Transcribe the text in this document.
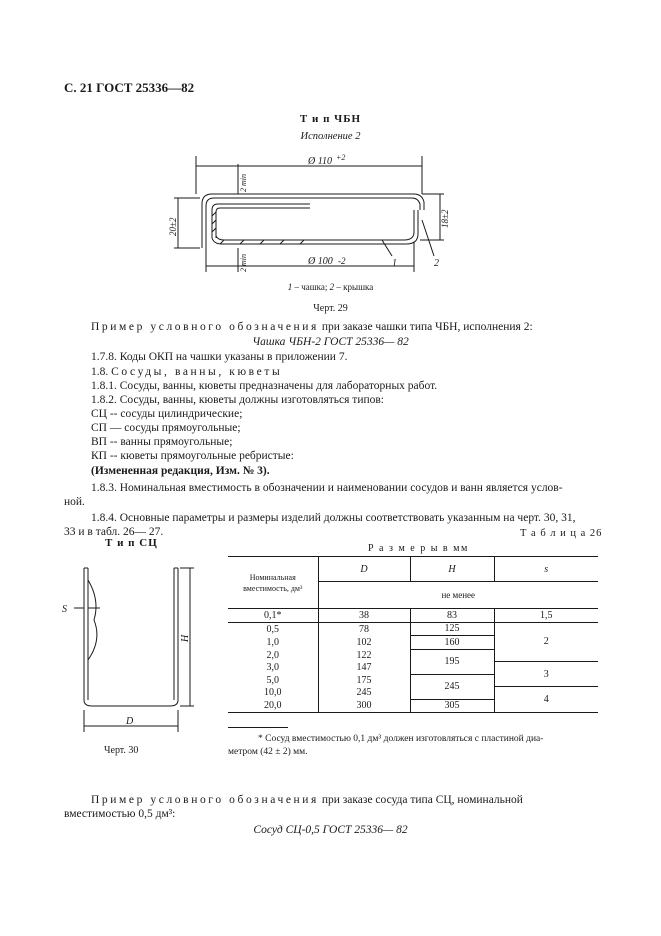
С. 21 ГОСТ 25336—82
Т и п ЧБН
Исполнение 2
Ø 110 +2
Ø 100 -2
20±2	18±2
2 min
2 min	1	2
1 – чашка; 2 – крышка
Черт. 29
Пример условного обозначения при заказе чашки типа ЧБН, исполнения 2:
Чашка ЧБН-2 ГОСТ 25336— 82
1.7.8. Коды ОКП на чашки указаны в приложении 7.
1.8. Сосуды, ванны, кюветы
1.8.1. Сосуды, ванны, кюветы предназначены для лабораторных работ.
1.8.2. Сосуды, ванны, кюветы должны изготовляться типов:
СЦ -- сосуды цилиндрические;
СП — сосуды прямоугольные;
ВП -- ванны прямоугольные;
КП -- кюветы прямоугольные ребристые:
(Измененная редакция, Изм. № 3).
1.8.3. Номинальная вместимость в обозначении и наименовании сосудов и ванн является услов-
ной.
1.8.4. Основные параметры и размеры изделий должны соответствовать указанным на черт. 30, 31,
33 и в табл. 26— 27.
Т и п СЦ
S
H
D
Черт. 30
Т а б л и ц а 26
Р а з м е р ы в мм
Номинальная вместимость, дм³	D	H	s
	не менее		
0,1*	38	83	1,5
0,5	78	125	2
1,0	102	160	
2,0	122	195	
3,0	147		3
5,0	175	245	
10,0	245		4
20,0	300	305	
* Сосуд вместимостью 0,1 дм³ должен изготовляться с пластиной диа-
метром (42 ± 2) мм.
Пример условного обозначения при заказе сосуда типа СЦ, номинальной
вместимостью 0,5 дм³:
Сосуд СЦ-0,5 ГОСТ 25336— 82
